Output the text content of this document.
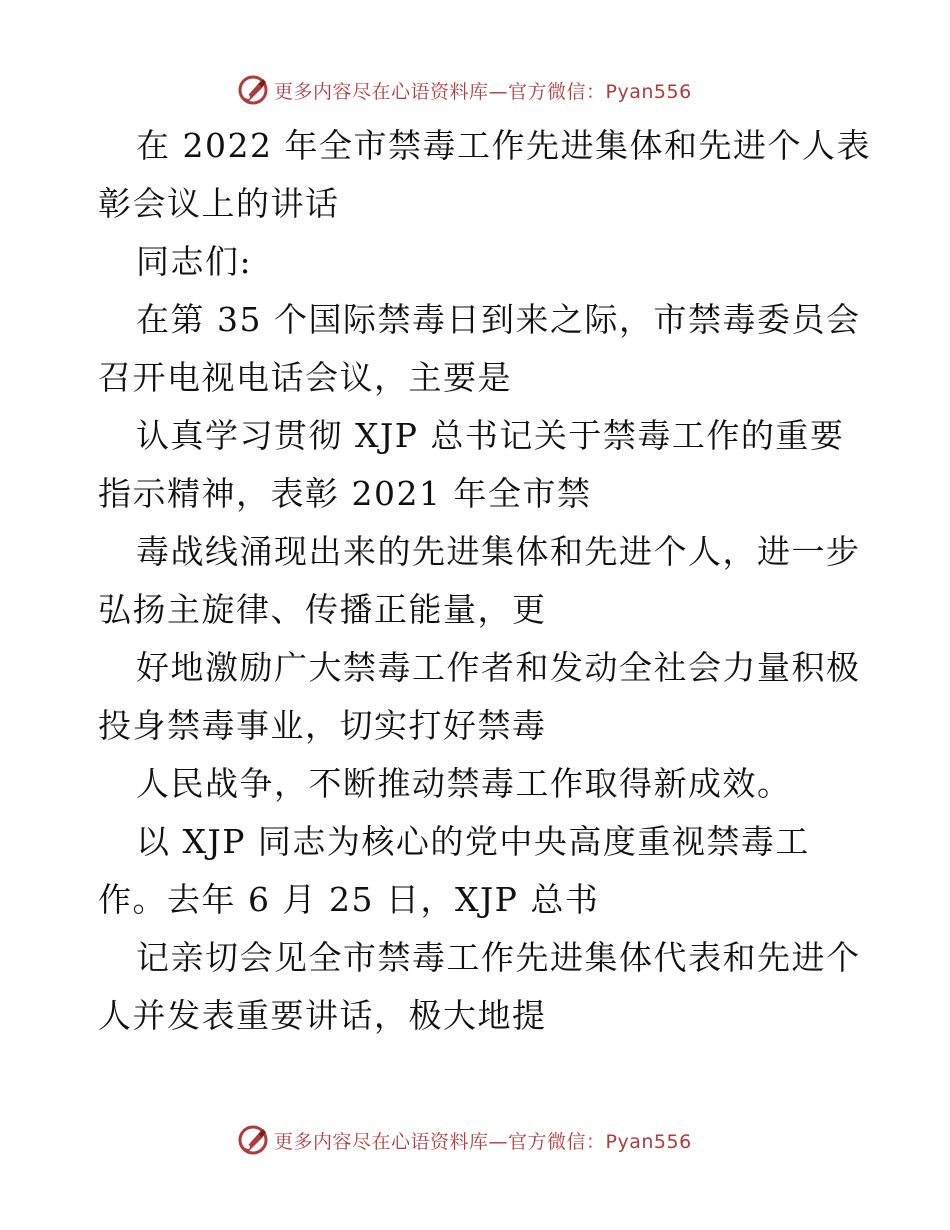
更多内容尽在心语资料库—官方微信：Pyan556
在 2022 年全市禁毒工作先进集体和先进个人表
彰会议上的讲话
同志们:
在第 35 个国际禁毒日到来之际，市禁毒委员会
召开电视电话会议，主要是
认真学习贯彻 XJP 总书记关于禁毒工作的重要
指示精神，表彰 2021 年全市禁
毒战线涌现出来的先进集体和先进个人，进一步
弘扬主旋律、传播正能量，更
好地激励广大禁毒工作者和发动全社会力量积极
投身禁毒事业，切实打好禁毒
人民战争，不断推动禁毒工作取得新成效。
以 XJP 同志为核心的党中央高度重视禁毒工
作。去年 6 月 25 日，XJP 总书
记亲切会见全市禁毒工作先进集体代表和先进个
人并发表重要讲话，极大地提
更多内容尽在心语资料库—官方微信：Pyan556
